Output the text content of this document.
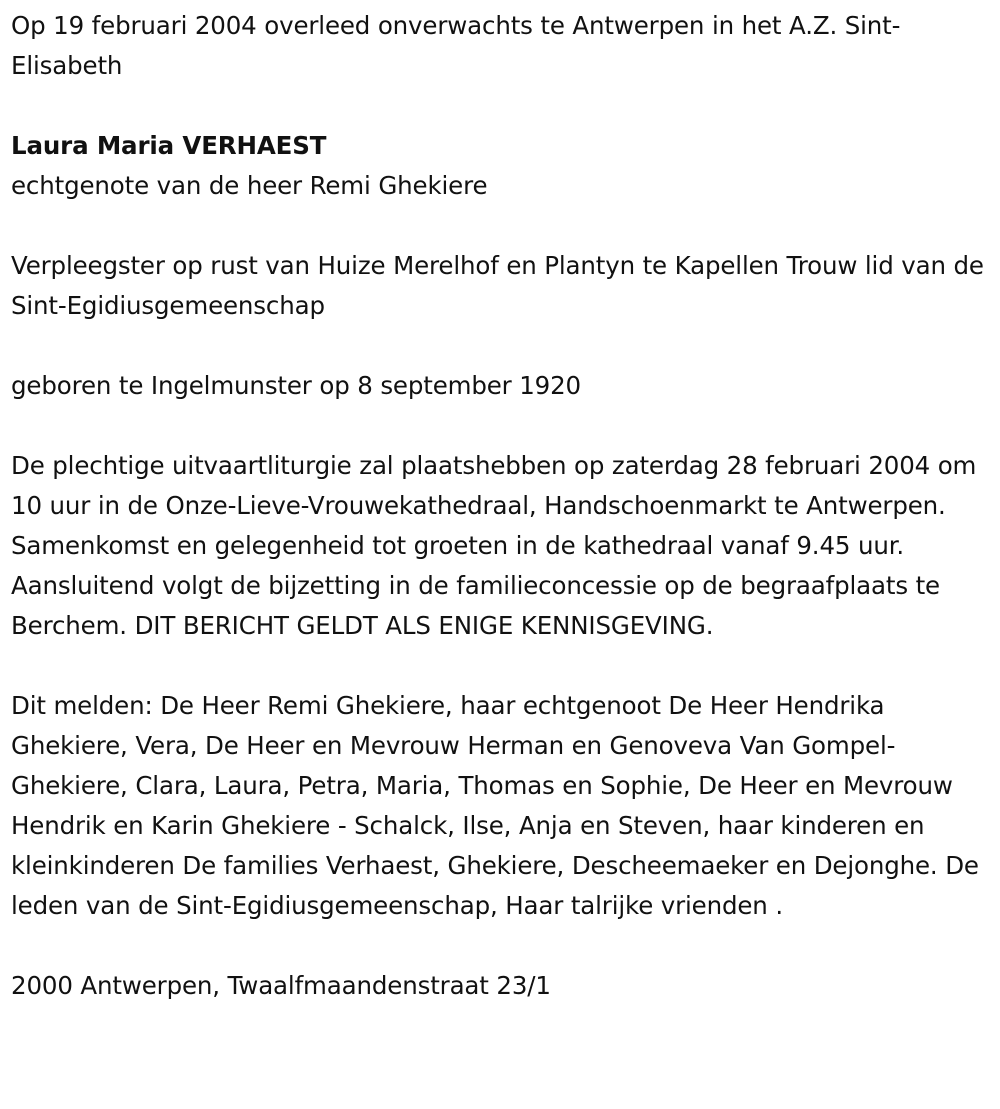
Op 19 februari 2004 overleed onverwachts te Antwerpen in het A.Z. Sint-Elisabeth

Laura Maria VERHAEST

echtgenote van de heer Remi Ghekiere

Verpleegster op rust van Huize Merelhof en Plantyn te Kapellen Trouw lid van de Sint-Egidiusgemeenschap

geboren te Ingelmunster op 8 september 1920

De plechtige uitvaartliturgie zal plaatshebben op zaterdag 28 februari 2004 om 10 uur in de Onze-Lieve-Vrouwekathedraal, Handschoenmarkt te Antwerpen. Samenkomst en gelegenheid tot groeten in de kathedraal vanaf 9.45 uur. Aansluitend volgt de bijzetting in de familieconcessie op de begraafplaats te Berchem. DIT BERICHT GELDT ALS ENIGE KENNISGEVING.

Dit melden: De Heer Remi Ghekiere, haar echtgenoot De Heer Hendrika Ghekiere, Vera, De Heer en Mevrouw Herman en Genoveva Van Gompel-Ghekiere, Clara, Laura, Petra, Maria, Thomas en Sophie, De Heer en Mevrouw Hendrik en Karin Ghekiere - Schalck, Ilse, Anja en Steven, haar kinderen en kleinkinderen De families Verhaest, Ghekiere, Descheemaeker en Dejonghe. De leden van de Sint-Egidiusgemeenschap, Haar talrijke vrienden .

2000 Antwerpen, Twaalfmaandenstraat 23/1
